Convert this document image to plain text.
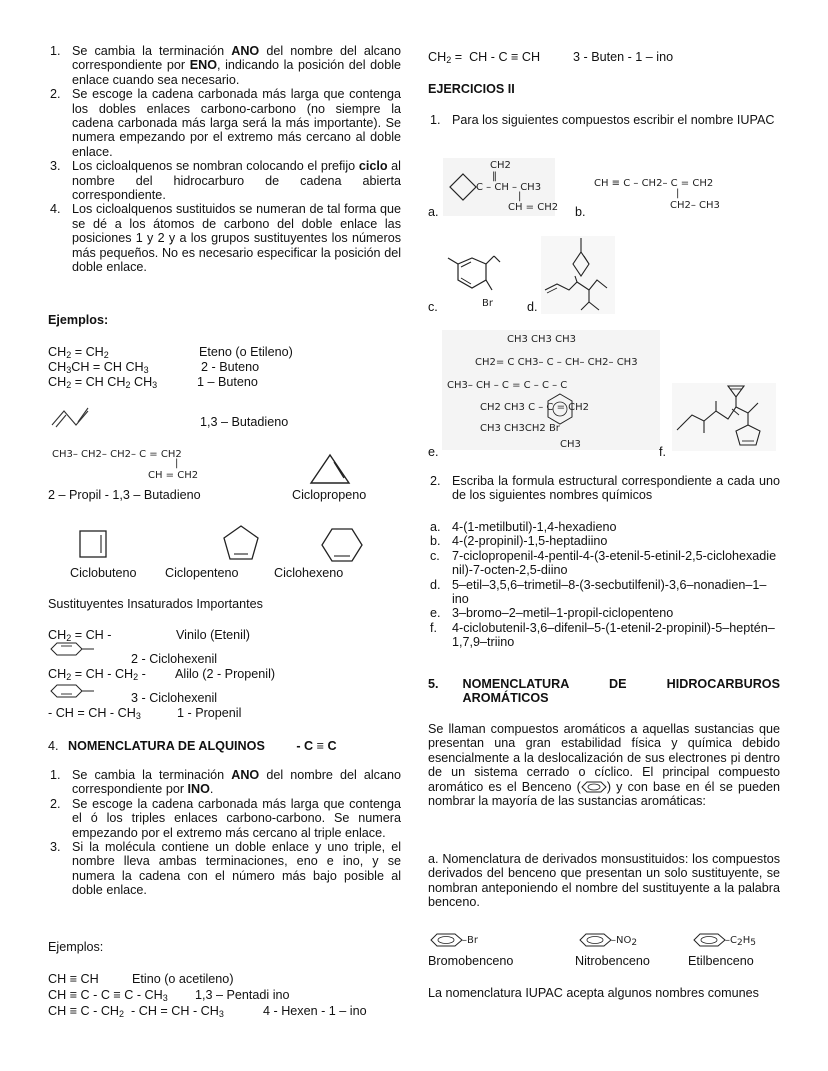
1. Se cambia la terminación ANO del nombre del alcano correspondiente por ENO, indicando la posición del doble enlace cuando sea necesario.
2. Se escoge la cadena carbonada más larga que contenga los dobles enlaces carbono-carbono (no siempre la cadena carbonada más larga será la más importante). Se numera empezando por el extremo más cercano al doble enlace.
3. Los cicloalquenos se nombran colocando el prefijo ciclo al nombre del hidrocarburo de cadena abierta correspondiente.
4. Los cicloalquenos sustituidos se numeran de tal forma que se dé a los átomos de carbono del doble enlace las posiciones 1 y 2 y a los grupos sustituyentes los números más pequeños. No es necesario especificar la posición del doble enlace.
Ejemplos:
$CH_2 = CH_2$	Eteno (o Etileno)
$CH_3CH$ = CH $CH_3$	2 - Buteno
$CH_2$ = CH $CH_2$ $CH_3$	1 – Buteno
1,3 – Butadieno
CH3– CH2– CH2– C = CH2
|
CH = CH2
2 – Propil - 1,3 – Butadieno	Ciclopropeno
Ciclobuteno Ciclopenteno	Ciclohexeno
Sustituyentes Insaturados Importantes
$CH_2$ = CH -	Vinilo (Etenil)
2 - Ciclohexenil
$CH_2$ = CH - $CH_2$ - Alilo (2 - Propenil)
3 - Ciclohexenil
- CH = CH - $CH_3$	1 - Propenil
4. NOMENCLATURA DE ALQUINOS	- C ≡ C
1. Se cambia la terminación ANO del nombre del alcano correspondiente por INO.
2. Se escoge la cadena carbonada más larga que contenga el ó los triples enlaces carbono-carbono. Se numera empezando por el extremo más cercano al triple enlace.
3. Si la molécula contiene un doble enlace y uno triple, el nombre lleva ambas terminaciones, eno e ino, y se numera la cadena con el número más bajo posible al doble enlace.
Ejemplos:
CH ≡ CH	Etino (o acetileno)
CH ≡ $C - C \equiv C - CH_3$ 1,3 – Pentadi ino
CH ≡ C - $CH_2$  - CH = CH - $CH_3$	4 - Hexen - 1 – ino
$CH_2$ =  CH - C ≡ CH	3 - Buten - 1 – ino
EJERCICIOS II
1. Para los siguientes compuestos escribir el nombre IUPAC
CH2
‖
C – CH – CH3
|
CH = CH2
a.
CH ≡ C – CH2– C = CH2
|
CH2– CH3
b.
Br
c.	d.
CH3 CH3 CH3
CH2= C CH3– C – CH– CH2– CH3
CH3– CH – C = C – C – C
CH2 CH3 C – C = CH2
CH3 CH3CH2 Br
CH3
e.	f.
2. Escriba la formula estructural correspondiente a cada uno de los siguientes nombres químicos
a. 4-(1-metilbutil)-1,4-hexadieno
b. 4-(2-propinil)-1,5-heptadiino
c. 7-ciclopropenil-4-pentil-4-(3-etenil-5-etinil-2,5-ciclohexadienil)-7-octen-2,5-diino
d. 5–etil–3,5,6–trimetil–8-(3-secbutilfenil)-3,6–nonadien–1–ino
e. 3–bromo–2–metil–1-propil-ciclopenteno
f. 4-ciclobutenil-3,6–difenil–5-(1-etenil-2-propinil)-5–heptén–1,7,9–triino
5. NOMENCLATURA DE HIDROCARBUROS AROMÁTICOS

Se llaman compuestos aromáticos a aquellas sustancias que presentan una gran estabilidad física y química debido esencialmente a la deslocalización de sus electrones pi dentro de un sistema cerrado o cíclico. El principal compuesto aromático es el Benceno ( ) y con base en él se pueden nombrar la mayoría de las sustancias aromáticas:

a. Nomenclatura de derivados monsustituidos: los compuestos derivados del benceno que presentan un solo sustituyente, se nombran anteponiendo el nombre del sustituyente a la palabra benceno.

–Br	$-NO_2$	$-C_2H_5$
Bromobenceno	Nitrobenceno	Etilbenceno

La nomenclatura IUPAC acepta algunos nombres comunes
